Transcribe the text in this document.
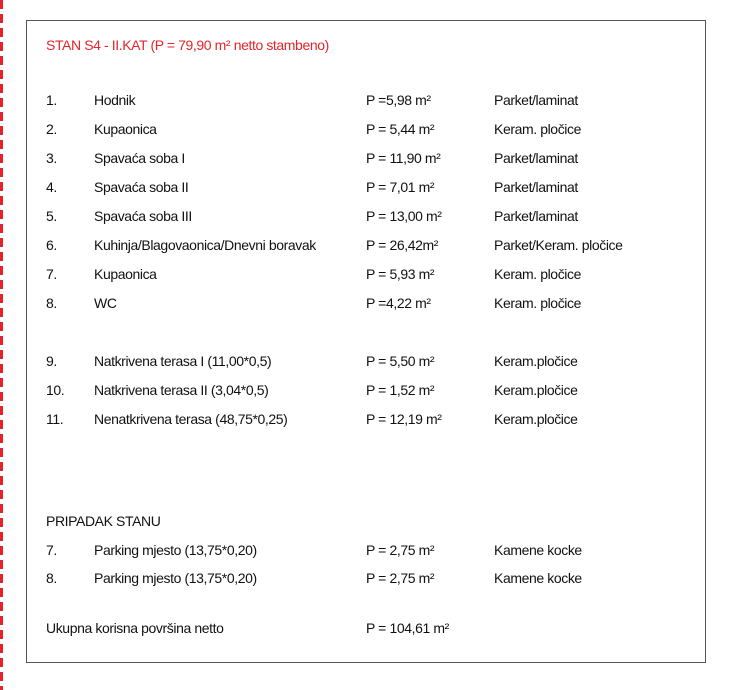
STAN S4 - II.KAT (P = 79,90 m² netto stambeno)
1.	Hodnik	P =5,98 m²	Parket/laminat
2.	Kupaonica	P = 5,44 m²	Keram. pločice
3.	Spavaća soba I	P = 11,90 m²	Parket/laminat
4.	Spavaća soba II	P = 7,01 m²	Parket/laminat
5.	Spavaća soba III	P = 13,00 m²	Parket/laminat
6.	Kuhinja/Blagovaonica/Dnevni boravak	P = 26,42m²	Parket/Keram. pločice
7.	Kupaonica	P = 5,93 m²	Keram. pločice
8.	WC	P =4,22 m²	Keram. pločice
9.	Natkrivena terasa I (11,00*0,5)	P = 5,50 m²	Keram.pločice
10. Natkrivena terasa II (3,04*0,5)	P = 1,52 m²	Keram.pločice
11. Nenatkrivena terasa (48,75*0,25)	P = 12,19 m²	Keram.pločice
PRIPADAK STANU
7.	Parking mjesto (13,75*0,20)	P = 2,75 m²	Kamene kocke
8.	Parking mjesto (13,75*0,20)	P = 2,75 m²	Kamene kocke
Ukupna korisna površina netto	P = 104,61 m²
